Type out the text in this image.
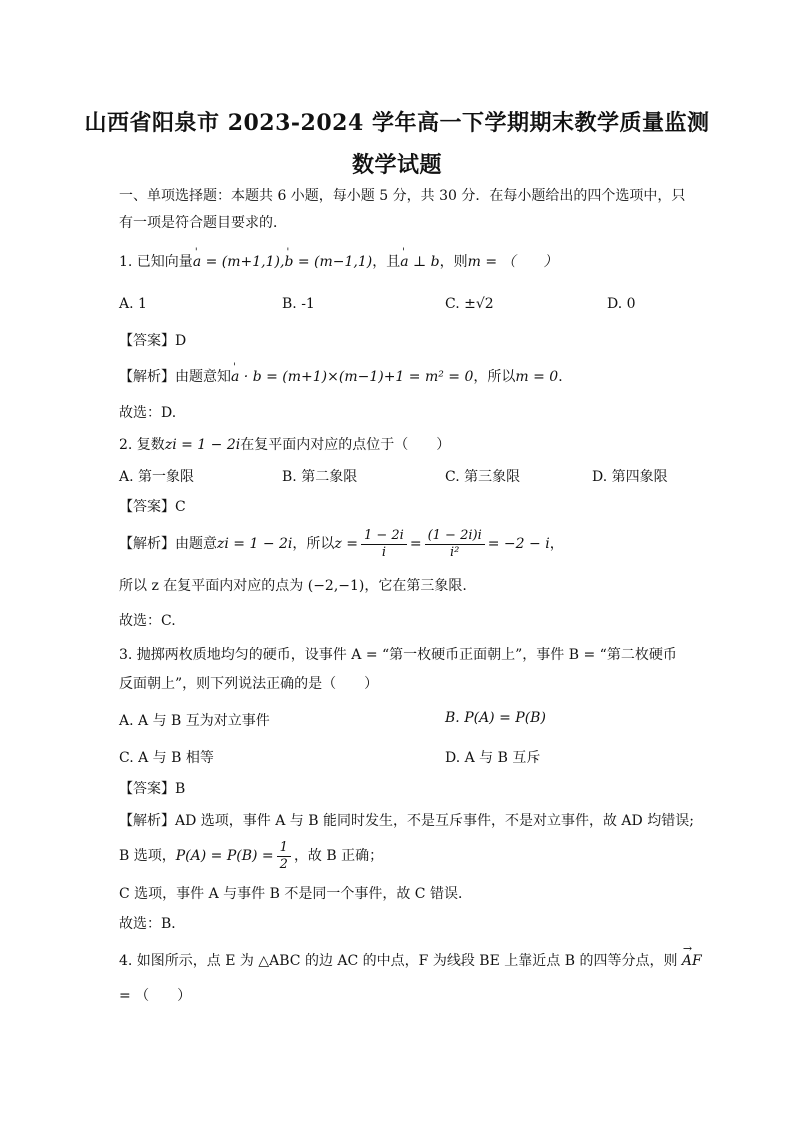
山西省阳泉市 2023-2024 学年高一下学期期末教学质量监测
数学试题
一、单项选择题：本题共 6 小题，每小题 5 分，共 30 分．在每小题给出的四个选项中，只
有一项是符合题目要求的．
1. 已知向量' a = (m+1,1),' b = (m−1,1)，且' a ⊥ b，则m = （　　）
A. 1	B. -1	C. ±√2	D. 0
【答案】D
【解析】由题意知' a · b = (m+1)×(m−1)+1 = m² = 0，所以m = 0．
故选：D.
2. 复数zi = 1 − 2i在复平面内对应的点位于（　　）
A. 第一象限	B. 第二象限	C. 第三象限	D. 第四象限
【答案】C
【解析】由题意zi = 1 − 2i，所以$z = \frac{1 - 2i}{i} = \frac{(1 - 2i)i}{\text{i²}} = -2 - i$，
所以 z 在复平面内对应的点为 (−2,−1)，它在第三象限.
故选：C.
3. 抛掷两枚质地均匀的硬币，设事件 A = “第一枚硬币正面朝上”，事件 B = “第二枚硬币
反面朝上”，则下列说法正确的是（　　）
A. A 与 B 互为对立事件	B. P(A) = P(B)
C. A 与 B 相等	D. A 与 B 互斥
【答案】B
【解析】AD 选项，事件 A 与 B 能同时发生，不是互斥事件，不是对立事件，故 AD 均错误;
B 选项，$P(A) = P(B) = \frac{1}{2}$ ，故 B 正确；
C 选项，事件 A 与事件 B 不是同一个事件，故 C 错误．
故选：B．
4. 如图所示，点 E 为 △ABC 的边 AC 的中点，F 为线段 BE 上靠近点 B 的四等分点，则 → AF
= （　　）
